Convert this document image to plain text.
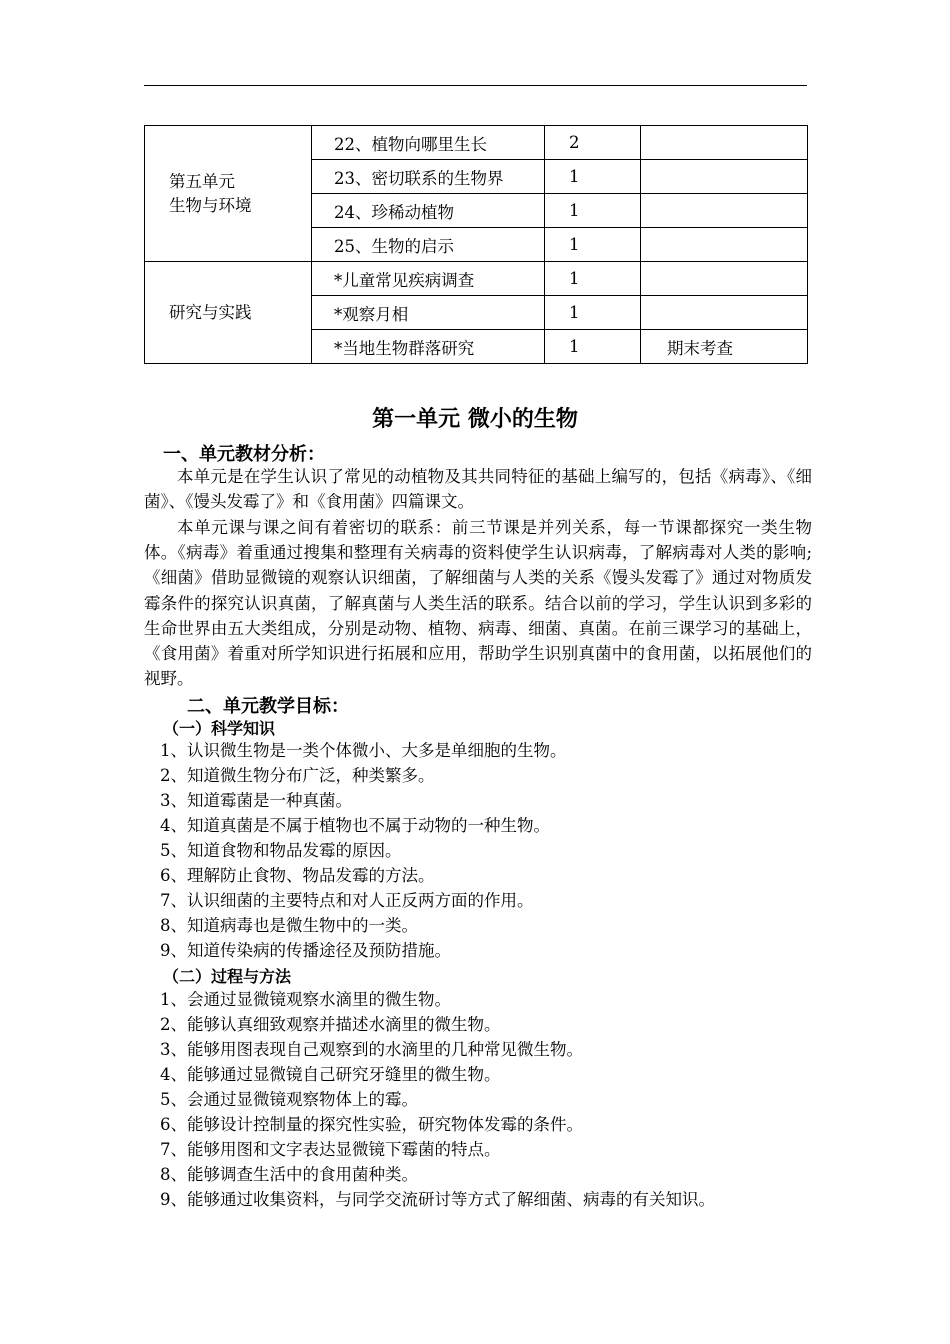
第五单元
生物与环境	22、植物向哪里生长	2	
	23、密切联系的生物界	1	
	24、珍稀动植物	1	
	25、生物的启示	1	

研究与实践	*儿童常见疾病调查	1	
	*观察月相	1	
	*当地生物群落研究	1	期末考查
第一单元 微小的生物
一、单元教材分析：

本单元是在学生认识了常见的动植物及其共同特征的基础上编写的，包括《病毒》、《细菌》、《馒头发霉了》和《食用菌》四篇课文。

本单元课与课之间有着密切的联系：前三节课是并列关系，每一节课都探究一类生物体。《病毒》着重通过搜集和整理有关病毒的资料使学生认识病毒，了解病毒对人类的影响;《细菌》借助显微镜的观察认识细菌，了解细菌与人类的关系《馒头发霉了》通过对物质发霉条件的探究认识真菌，了解真菌与人类生活的联系。结合以前的学习，学生认识到多彩的生命世界由五大类组成，分别是动物、植物、病毒、细菌、真菌。在前三课学习的基础上，《食用菌》着重对所学知识进行拓展和应用，帮助学生识别真菌中的食用菌，以拓展他们的视野。

二、单元教学目标：
（一）科学知识
1、认识微生物是一类个体微小、大多是单细胞的生物。
2、知道微生物分布广泛，种类繁多。
3、知道霉菌是一种真菌。
4、知道真菌是不属于植物也不属于动物的一种生物。
5、知道食物和物品发霉的原因。
6、理解防止食物、物品发霉的方法。
7、认识细菌的主要特点和对人正反两方面的作用。
8、知道病毒也是微生物中的一类。
9、知道传染病的传播途径及预防措施。
（二）过程与方法
1、会通过显微镜观察水滴里的微生物。
2、能够认真细致观察并描述水滴里的微生物。
3、能够用图表现自己观察到的水滴里的几种常见微生物。
4、能够通过显微镜自己研究牙缝里的微生物。
5、会通过显微镜观察物体上的霉。
6、能够设计控制量的探究性实验，研究物体发霉的条件。
7、能够用图和文字表达显微镜下霉菌的特点。
8、能够调查生活中的食用菌种类。
9、能够通过收集资料，与同学交流研讨等方式了解细菌、病毒的有关知识。
